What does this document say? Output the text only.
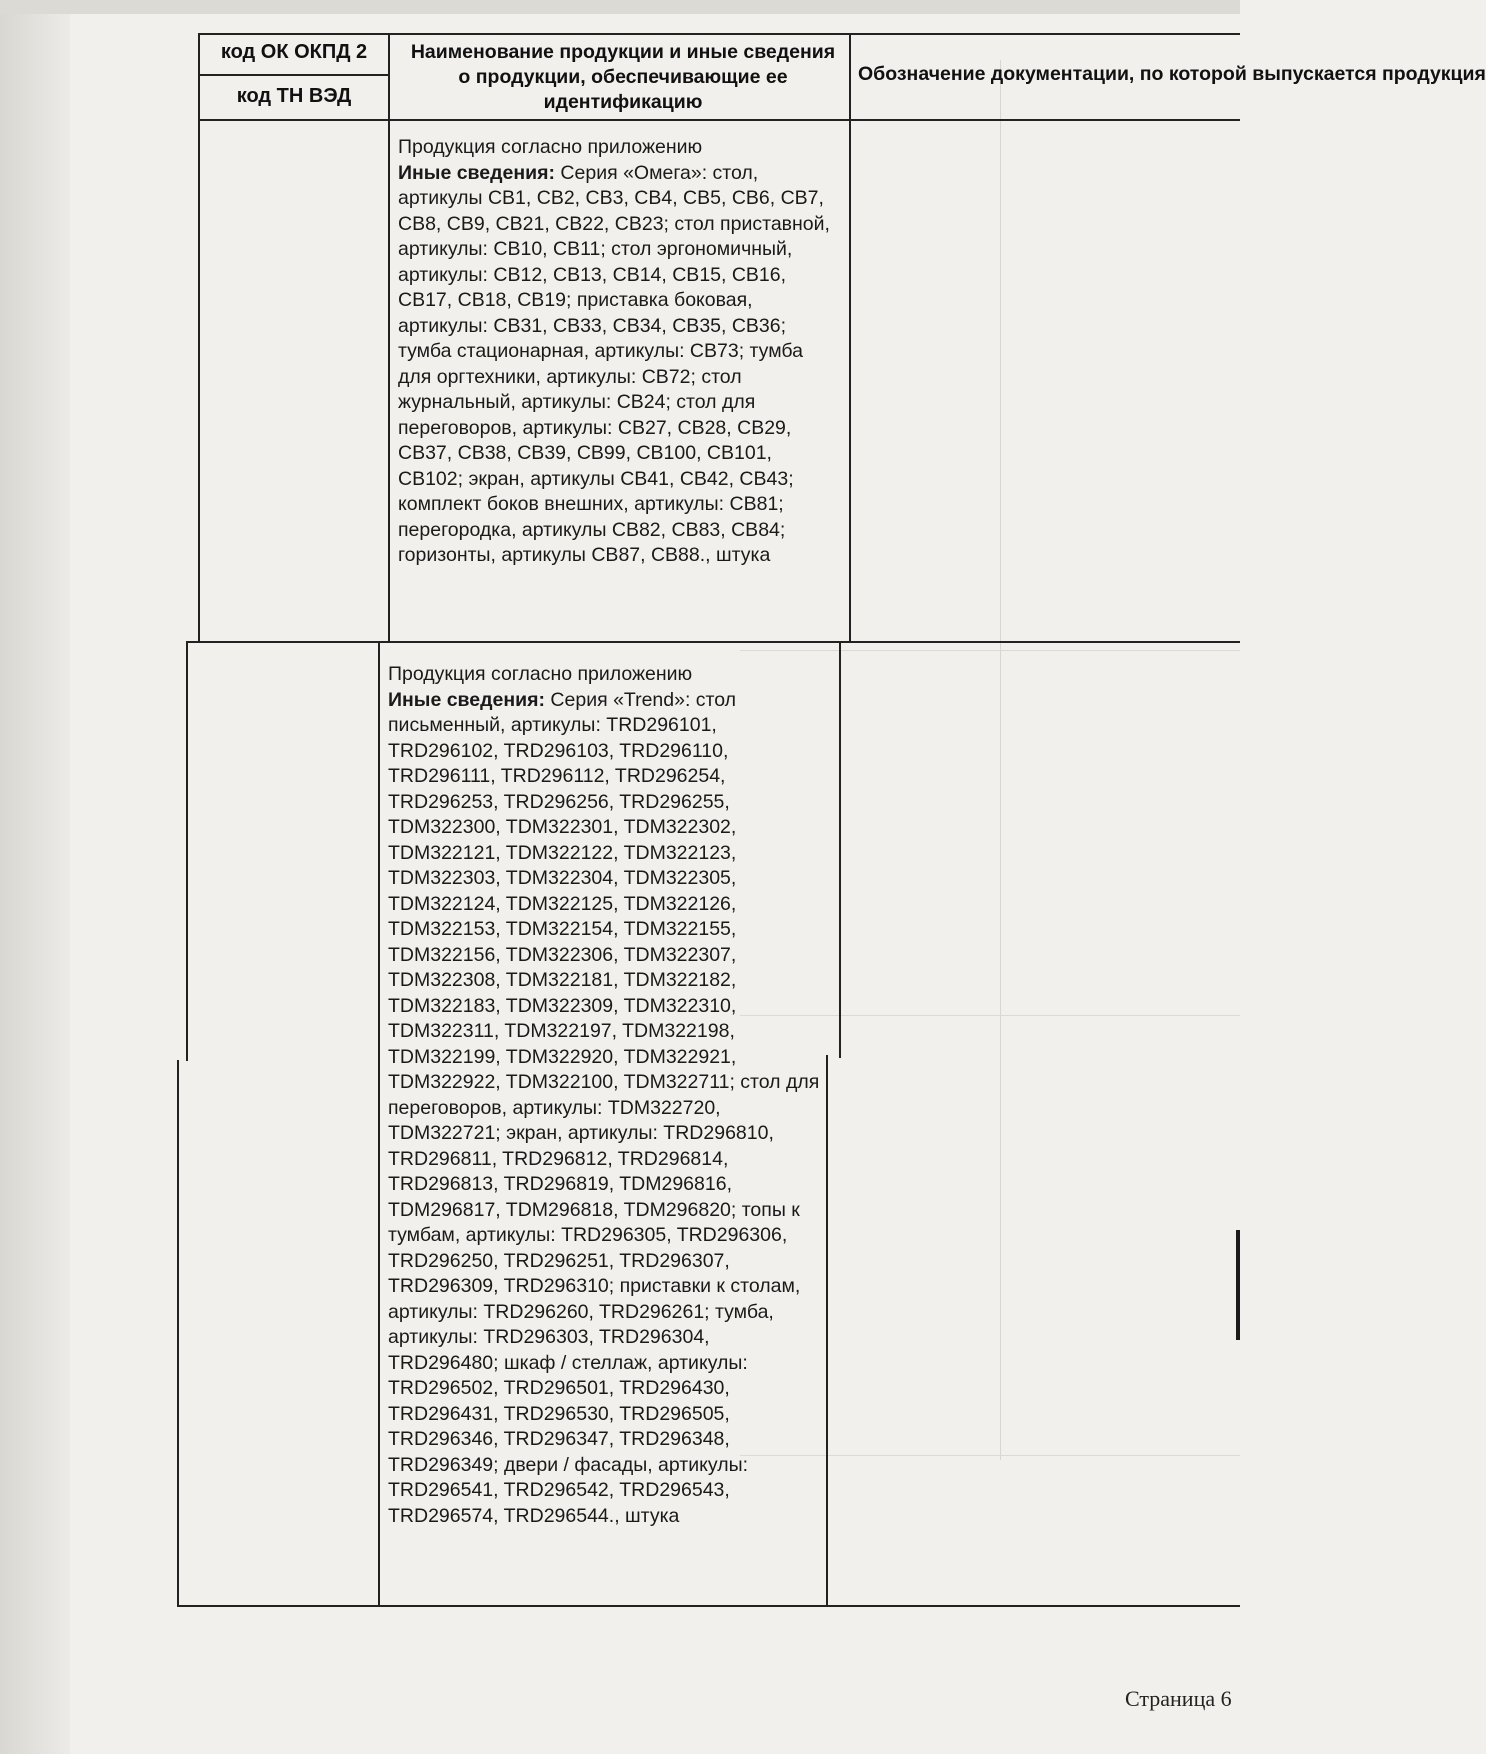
код ОК ОКПД 2
код ТН ВЭД
Наименование продукции и иные сведения о продукции, обеспечивающие ее идентификацию
Обозначение документации, по которой выпускается продукция

Продукция согласно приложению

Иные сведения: Серия «Омега»: стол, артикулы СВ1, СВ2, СВ3, СВ4, СВ5, СВ6, СВ7, СВ8, СВ9, СВ21, СВ22, СВ23; стол приставной, артикулы: СВ10, СВ11; стол эргономичный, артикулы: СВ12, СВ13, СВ14, СВ15, СВ16, СВ17, СВ18, СВ19; приставка боковая, артикулы: СВ31, СВ33, СВ34, СВ35, СВ36; тумба стационарная, артикулы: СВ73; тумба для оргтехники, артикулы: СВ72; стол журнальный, артикулы: СВ24; стол для переговоров, артикулы: СВ27, СВ28, СВ29, СВ37, СВ38, СВ39, СВ99, СВ100, СВ101, СВ102; экран, артикулы СВ41, СВ42, СВ43; комплект боков внешних, артикулы: СВ81; перегородка, артикулы СВ82, СВ83, СВ84; горизонты, артикулы СВ87, СВ88., штука

Продукция согласно приложению

Иные сведения: Серия «Trend»: стол письменный, артикулы: TRD296101, TRD296102, TRD296103, TRD296110, TRD296111, TRD296112, TRD296254, TRD296253, TRD296256, TRD296255, TDM322300, TDM322301, TDM322302, TDM322121, TDM322122, TDM322123, TDM322303, TDM322304, TDM322305, TDM322124, TDM322125, TDM322126, TDM322153, TDM322154, TDM322155, TDM322156, TDM322306, TDM322307, TDM322308, TDM322181, TDM322182, TDM322183, TDM322309, TDM322310, TDM322311, TDM322197, TDM322198, TDM322199, TDM322920, TDM322921, TDM322922, TDM322100, TDM322711; стол для переговоров, артикулы: TDM322720, TDM322721; экран, артикулы: TRD296810, TRD296811, TRD296812, TRD296814, TRD296813, TRD296819, TDM296816, TDM296817, TDM296818, TDM296820; топы к тумбам, артикулы: TRD296305, TRD296306, TRD296250, TRD296251, TRD296307, TRD296309, TRD296310; приставки к столам, артикулы: TRD296260, TRD296261; тумба, артикулы: TRD296303, TRD296304, TRD296480; шкаф / стеллаж, артикулы: TRD296502, TRD296501, TRD296430, TRD296431, TRD296530, TRD296505, TRD296346, TRD296347, TRD296348, TRD296349; двери / фасады, артикулы: TRD296541, TRD296542, TRD296543, TRD296574, TRD296544., штука

Страница 6
